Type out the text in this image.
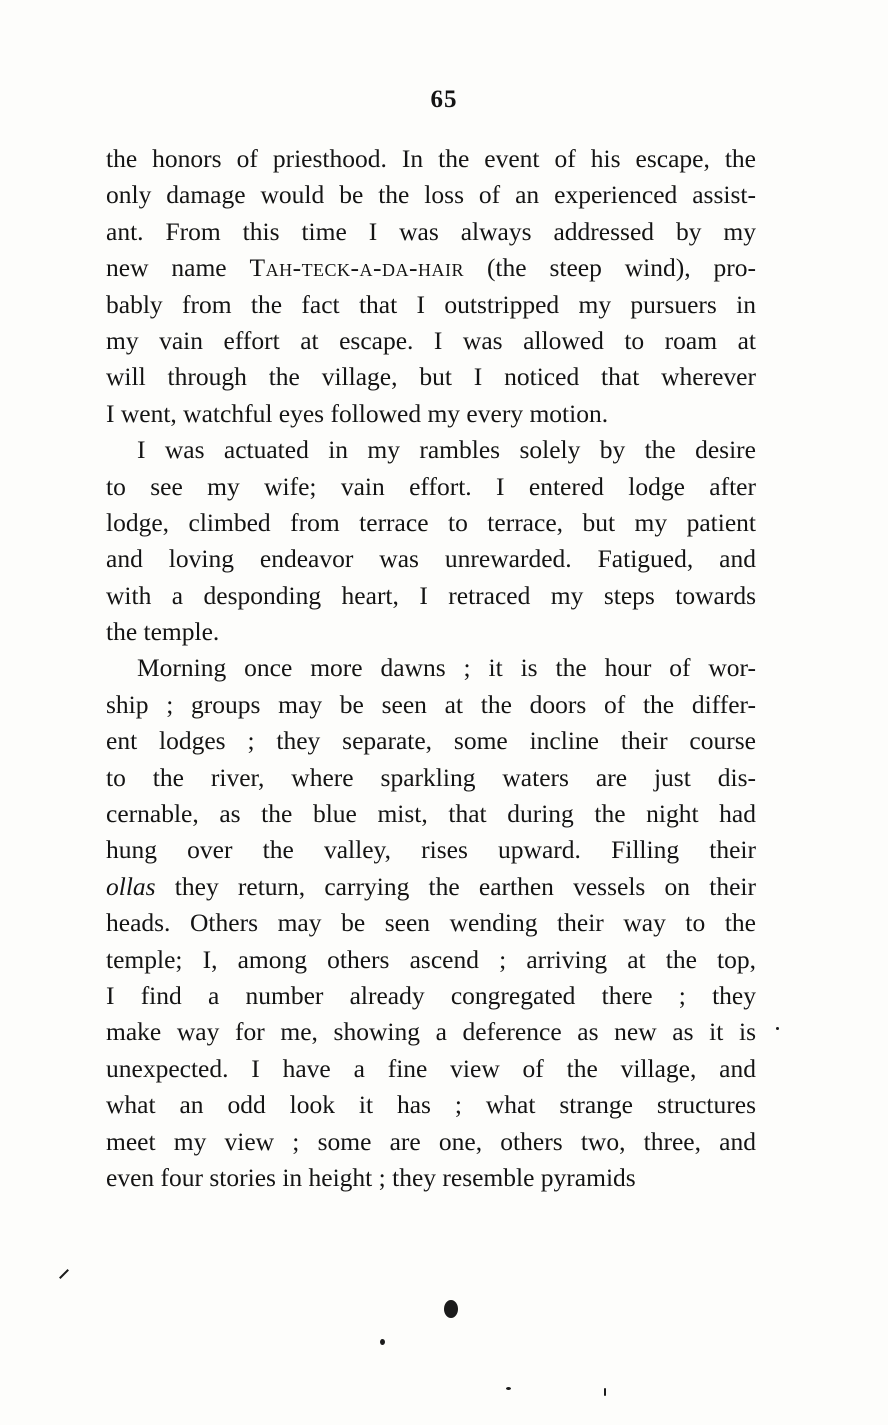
65
the honors of priesthood. In the event of his escape, the
only damage would be the loss of an experienced assist-
ant. From this time I was always addressed by my
new name Tah-teck-a-da-hair (the steep wind), pro-
bably from the fact that I outstripped my pursuers in
my vain effort at escape. I was allowed to roam at
will through the village, but I noticed that wherever
I went, watchful eyes followed my every motion.
I was actuated in my rambles solely by the desire
to see my wife; vain effort. I entered lodge after
lodge, climbed from terrace to terrace, but my patient
and loving endeavor was unrewarded. Fatigued, and
with a desponding heart, I retraced my steps towards
the temple.
Morning once more dawns ; it is the hour of wor-
ship ; groups may be seen at the doors of the differ-
ent lodges ; they separate, some incline their course
to the river, where sparkling waters are just dis-
cernable, as the blue mist, that during the night had
hung over the valley, rises upward. Filling their
ollas they return, carrying the earthen vessels on their
heads. Others may be seen wending their way to the
temple; I, among others ascend ; arriving at the top,
I find a number already congregated there ; they
make way for me, showing a deference as new as it is
unexpected. I have a fine view of the village, and
what an odd look it has ; what strange structures
meet my view ; some are one, others two, three, and
even four stories in height ; they resemble pyramids
